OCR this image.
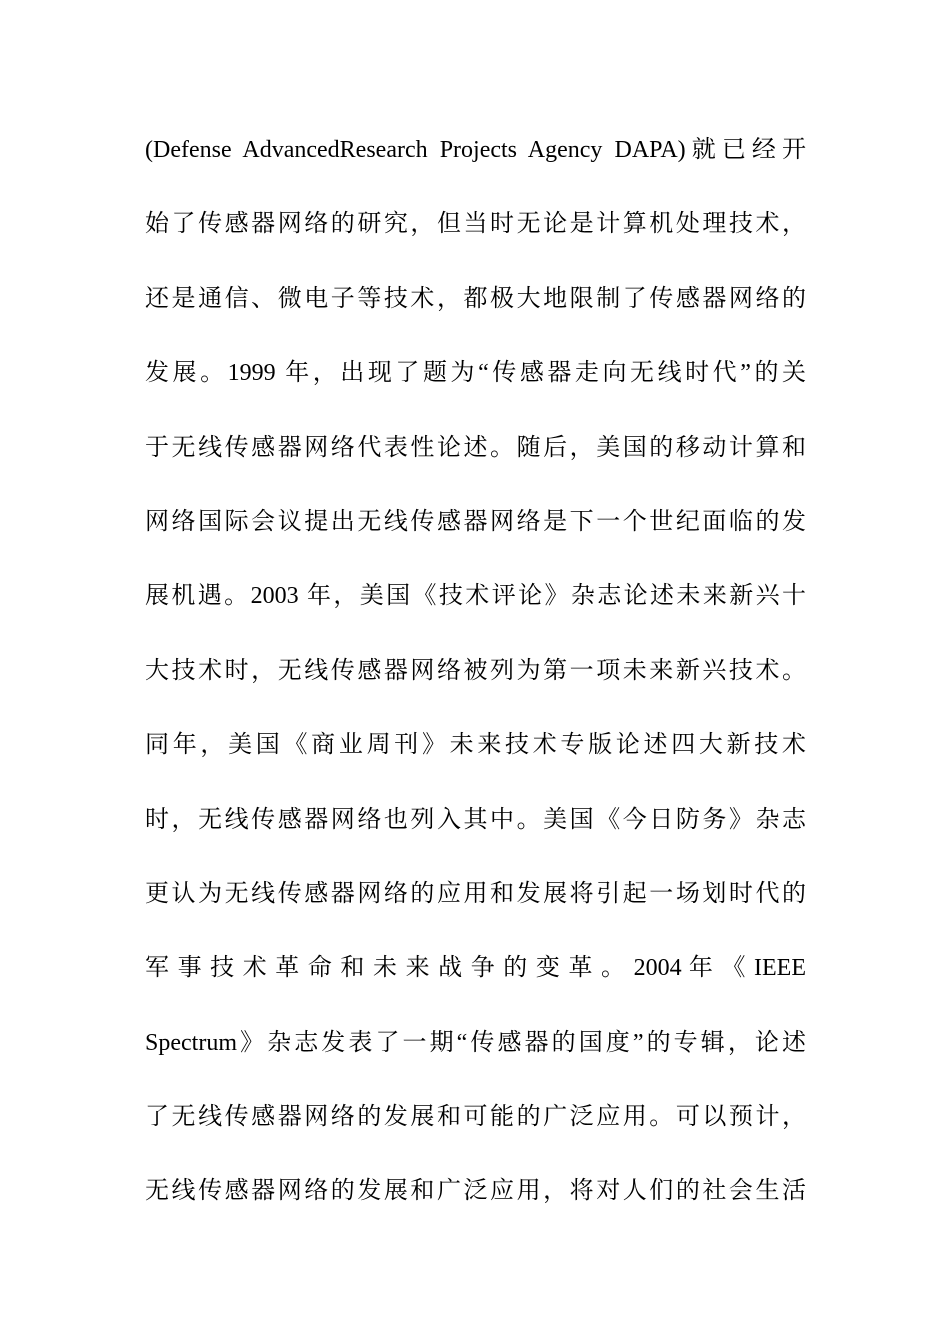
(Defense AdvancedResearch Projects Agency DAPA)就已经开
始了传感器网络的研究，但当时无论是计算机处理技术，
还是通信、微电子等技术，都极大地限制了传感器网络的
发展。1999 年，出现了题为“传感器走向无线时代”的关
于无线传感器网络代表性论述。随后，美国的移动计算和
网络国际会议提出无线传感器网络是下一个世纪面临的发
展机遇。2003 年，美国《技术评论》杂志论述未来新兴十
大技术时，无线传感器网络被列为第一项未来新兴技术。
同年，美国《商业周刊》未来技术专版论述四大新技术
时，无线传感器网络也列入其中。美国《今日防务》杂志
更认为无线传感器网络的应用和发展将引起一场划时代的
军 事 技 术 革 命 和 未 来 战 争 的 变 革 。 2004 年 《 IEEE
Spectrum》杂志发表了一期“传感器的国度”的专辑，论述
了无线传感器网络的发展和可能的广泛应用。可以预计，
无线传感器网络的发展和广泛应用，将对人们的社会生活
